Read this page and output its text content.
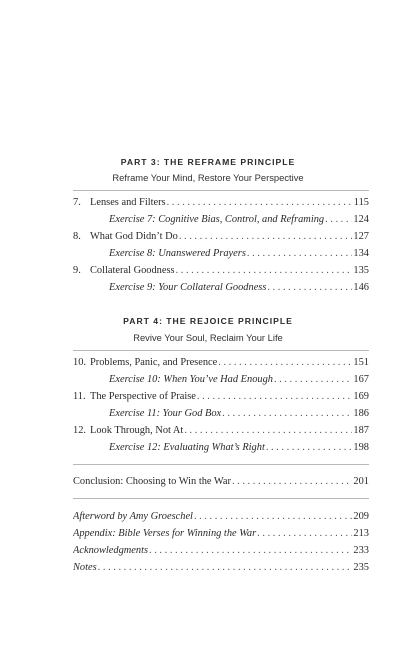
PART 3: THE REFRAME PRINCIPLE
Reframe Your Mind, Restore Your Perspective
7. Lenses and Filters . . .	115
Exercise 7: Cognitive Bias, Control, and Reframing . . .	124
8. What God Didn’t Do . . .	127
Exercise 8: Unanswered Prayers . . .	134
9. Collateral Goodness . . .	135
Exercise 9: Your Collateral Goodness . . .	146
PART 4: THE REJOICE PRINCIPLE
Revive Your Soul, Reclaim Your Life
10. Problems, Panic, and Presence . . .	151
Exercise 10: When You’ve Had Enough . . .	167
11. The Perspective of Praise . . .	169
Exercise 11: Your God Box . . .	186
12. Look Through, Not At . . .	187
Exercise 12: Evaluating What’s Right . . .	198
Conclusion: Choosing to Win the War . . .	201
Afterword by Amy Groeschel . . .	209
Appendix: Bible Verses for Winning the War . . .	213
Acknowledgments . . .	233
Notes . . .	235
